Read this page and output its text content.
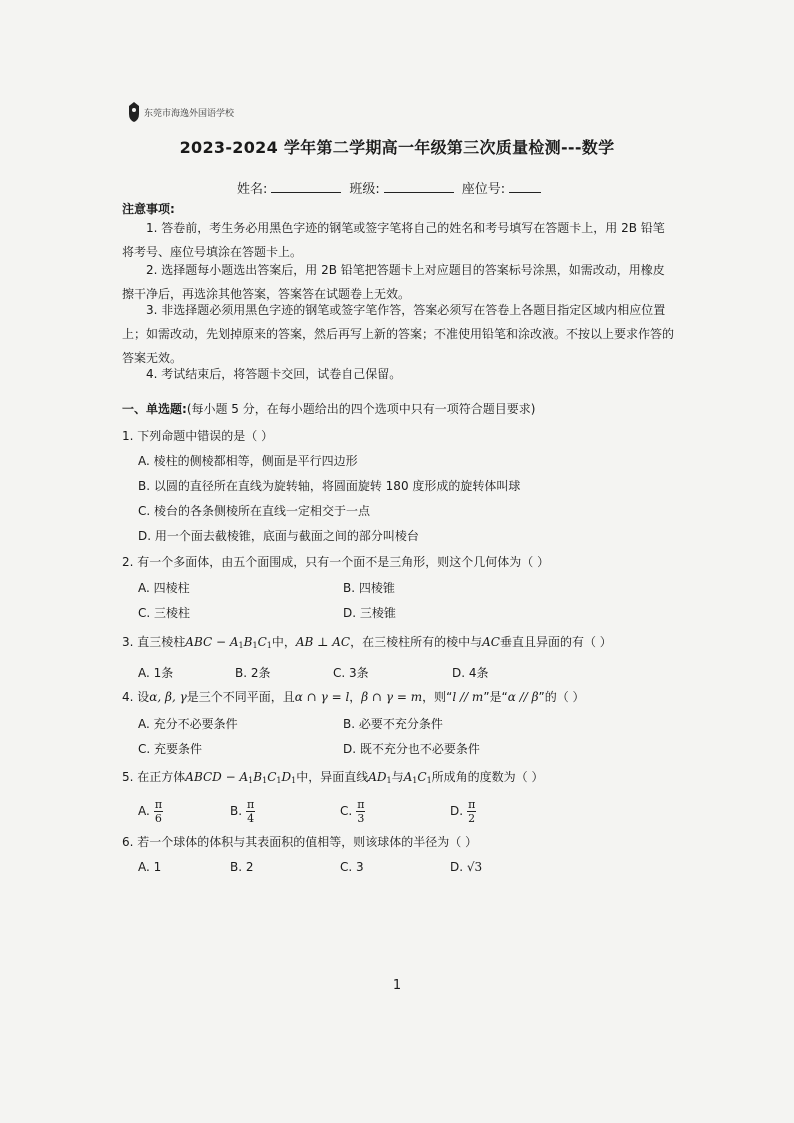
东莞市海逸外国语学校
2023-2024 学年第二学期高一年级第三次质量检测---数学
姓名:	班级:	座位号:
注意事项:
1. 答卷前，考生务必用黑色字迹的钢笔或签字笔将自己的姓名和考号填写在答题卡上，用 2B 铅笔将考号、座位号填涂在答题卡上。
2. 选择题每小题选出答案后，用 2B 铅笔把答题卡上对应题目的答案标号涂黑，如需改动，用橡皮擦干净后，再选涂其他答案，答案答在试题卷上无效。
3. 非选择题必须用黑色字迹的钢笔或签字笔作答，答案必须写在答卷上各题目指定区域内相应位置上；如需改动，先划掉原来的答案，然后再写上新的答案；不准使用铅笔和涂改液。不按以上要求作答的答案无效。
4. 考试结束后，将答题卡交回，试卷自己保留。
一、单选题:(每小题 5 分，在每小题给出的四个选项中只有一项符合题目要求)
1. 下列命题中错误的是（ ）
A. 棱柱的侧棱都相等，侧面是平行四边形
B. 以圆的直径所在直线为旋转轴，将圆面旋转 180 度形成的旋转体叫球
C. 棱台的各条侧棱所在直线一定相交于一点
D. 用一个面去截棱锥，底面与截面之间的部分叫棱台
2. 有一个多面体，由五个面围成，只有一个面不是三角形，则这个几何体为（ ）
A. 四棱柱	B. 四棱锥
C. 三棱柱	D. 三棱锥
3. 直三棱柱ABC − $A_1B_1C_1$中，AB ⊥ AC，在三棱柱所有的棱中与AC垂直且异面的有（ ）
A. 1条	B. 2条	C. 3条	D. 4条
4. 设α, β, γ是三个不同平面，且α ∩ γ = l，β ∩ γ = m，则“l // m”是“α // β”的（ ）
A. 充分不必要条件	B. 必要不充分条件
C. 充要条件	D. 既不充分也不必要条件
5. 在正方体ABCD − $A_1B_1C_1D_1$中，异面直线$AD_1$与$A_1C_1$所成角的度数为（ ）
A. $\frac{\pi}{6}$	B. $\frac{\pi}{4}$	C. $\frac{\pi}{3}$	D. $\frac{\pi}{2}$
6. 若一个球体的体积与其表面积的值相等，则该球体的半径为（ ）
A. 1	B. 2	C. 3	D. √3
1
